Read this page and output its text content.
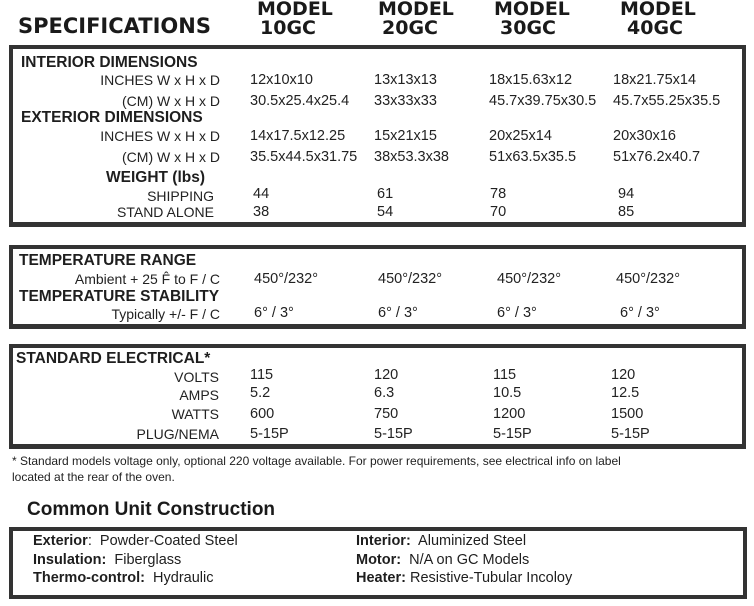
SPECIFICATIONS
MODEL
10GC
MODEL
20GC
MODEL
30GC
MODEL
40GC
INTERIOR DIMENSIONS
INCHES W x H x D 12x10x10	13x13x13	18x15.63x12	18x21.75x14
(CM) W x H x D 30.5x25.4x25.4 33x33x33	45.7x39.75x30.5 45.7x55.25x35.5
EXTERIOR DIMENSIONS
INCHES W x H x D 14x17.5x12.25 15x21x15	20x25x14	20x30x16
(CM) W x H x D 35.5x44.5x31.75 38x53.3x38	51x63.5x35.5	51x76.2x40.7
WEIGHT (lbs)
SHIPPING	44	61	78	94
STAND ALONE	38	54	70	85
TEMPERATURE RANGE
Ambient + 25 F̂ to F / C 450°/232°	450°/232°	450°/232°	450°/232°
TEMPERATURE STABILITY
Typically +/- F / C 6° / 3°	6° / 3°	6° / 3°	6° / 3°
STANDARD ELECTRICAL*
VOLTS 115	120	115	120
AMPS 5.2	6.3	10.5	12.5
WATTS 600	750	1200	1500
PLUG/NEMA 5-15P	5-15P	5-15P	5-15P
* Standard models voltage only, optional 220 voltage available. For power requirements, see electrical info on label
located at the rear of the oven.
Common Unit Construction
Exterior:  Powder-Coated Steel
Insulation: Fiberglass
Thermo-control: Hydraulic
Interior: Aluminized Steel
Motor: N/A on GC Models
Heater: Resistive-Tubular Incoloy
